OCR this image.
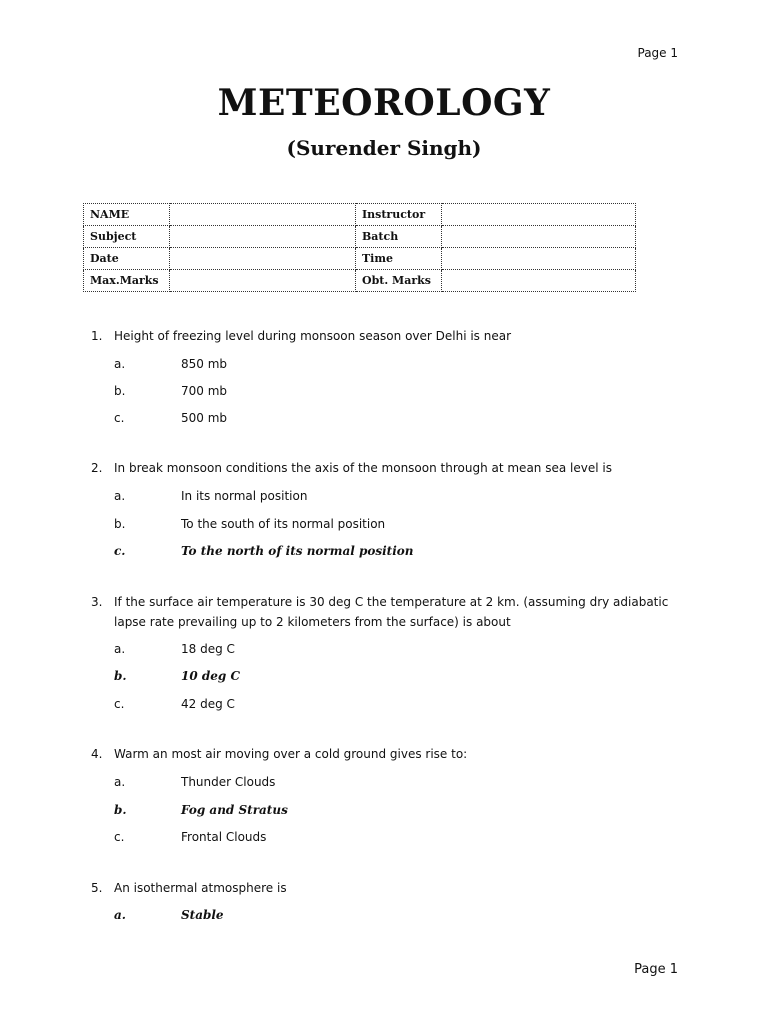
Page 1
METEOROLOGY
(Surender Singh)
NAME		Instructor	
Subject		Batch	
Date		Time	
Max.Marks		Obt. Marks	
1. Height of freezing level during monsoon season over Delhi is near
a.	850 mb
b.	700 mb
c.	500 mb
2. In break monsoon conditions the axis of the monsoon through at mean sea level is
a.	In its normal position
b.	To the south of its normal position
c.	To the north of its normal position
3. If the surface air temperature is 30 deg C the temperature at 2 km. (assuming dry adiabatic lapse rate prevailing up to 2 kilometers from the surface) is about
a.	18 deg C
b.	10 deg C
c.	42 deg C
4. Warm an most air moving over a cold ground gives rise to:
a.	Thunder Clouds
b.	Fog and Stratus
c.	Frontal Clouds
5. An isothermal atmosphere is
a.	Stable
Page 1
